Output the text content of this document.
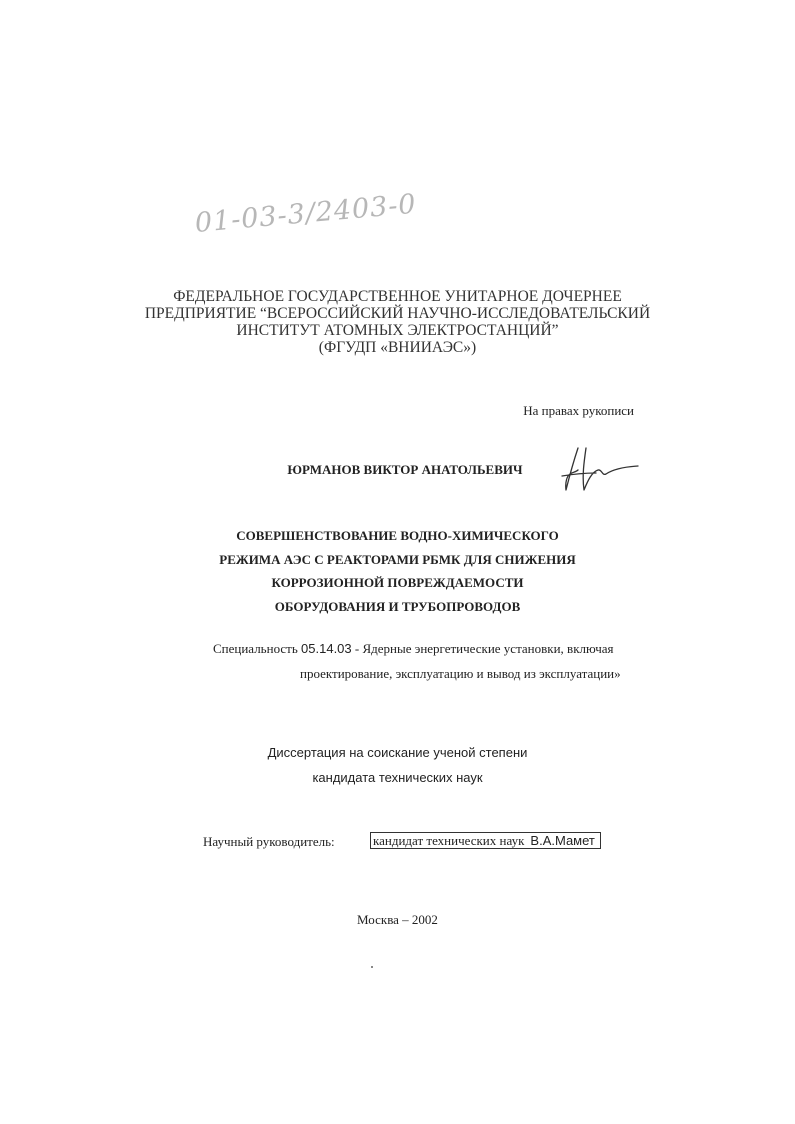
01-03-3/2403-0
ФЕДЕРАЛЬНОЕ ГОСУДАРСТВЕННОЕ УНИТАРНОЕ ДОЧЕРНЕЕ
ПРЕДПРИЯТИЕ “ВСЕРОССИЙСКИЙ НАУЧНО-ИССЛЕДОВАТЕЛЬСКИЙ
ИНСТИТУТ АТОМНЫХ ЭЛЕКТРОСТАНЦИЙ”
(ФГУДП «ВНИИАЭС»)
На правах рукописи
ЮРМАНОВ ВИКТОР АНАТОЛЬЕВИЧ
СОВЕРШЕНСТВОВАНИЕ ВОДНО-ХИМИЧЕСКОГО
РЕЖИМА АЭС С РЕАКТОРАМИ РБМК ДЛЯ СНИЖЕНИЯ
КОРРОЗИОННОЙ ПОВРЕЖДАЕМОСТИ
ОБОРУДОВАНИЯ И ТРУБОПРОВОДОВ
Специальность 05.14.03 - Ядерные энергетические установки, включая
проектирование, эксплуатацию и вывод из эксплуатации»
Диссертация на соискание ученой степени
кандидата технических наук
Научный руководитель:	кандидат технических наук В.А.Мамет
Москва – 2002
